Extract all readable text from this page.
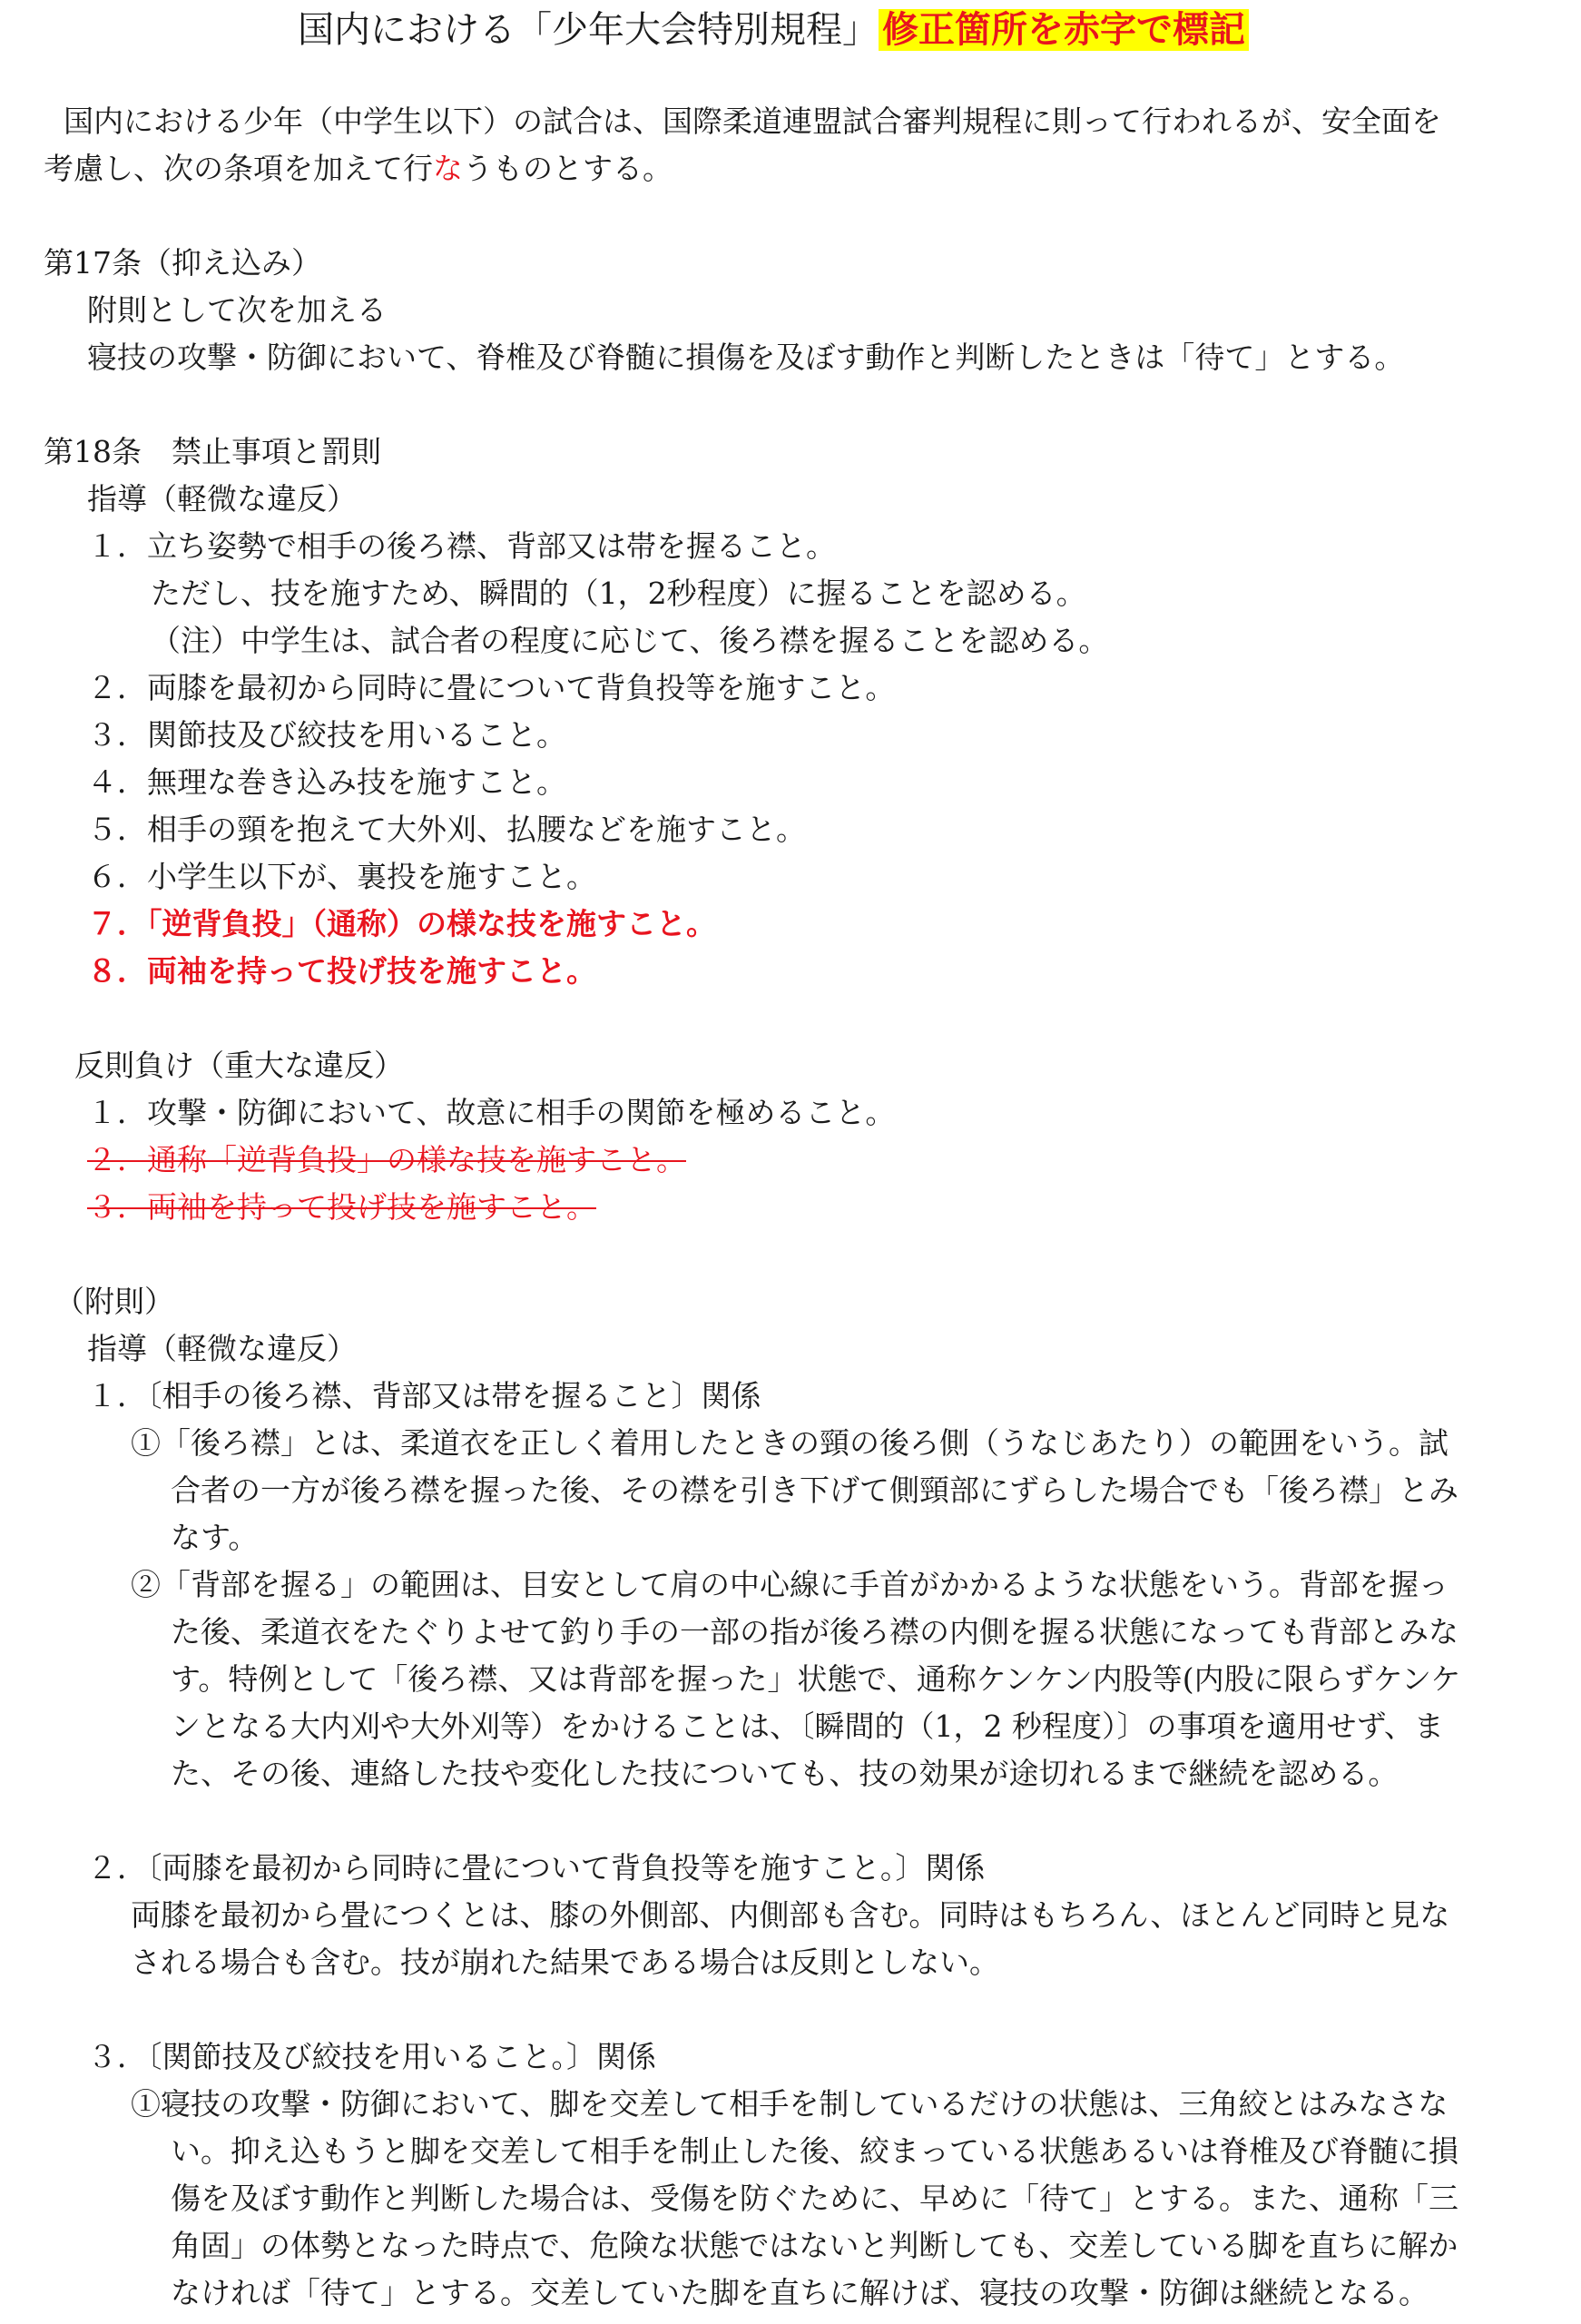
国内における「少年大会特別規程」 修正箇所を赤字で標記
国内における少年（中学生以下）の試合は、国際柔道連盟試合審判規程に則って行われるが、安全面を
考慮し、次の条項を加えて行なうものとする。
第17条（抑え込み）
附則として次を加える
寝技の攻撃・防御において、脊椎及び脊髄に損傷を及ぼす動作と判断したときは「待て」とする。
第18条　禁止事項と罰則
指導（軽微な違反）
１．立ち姿勢で相手の後ろ襟、背部又は帯を握ること。
ただし、技を施すため、瞬間的（1，2秒程度）に握ることを認める。
（注）中学生は、試合者の程度に応じて、後ろ襟を握ることを認める。
２．両膝を最初から同時に畳について背負投等を施すこと。
３．関節技及び絞技を用いること。
４．無理な巻き込み技を施すこと。
５．相手の頸を抱えて大外刈、払腰などを施すこと。
６．小学生以下が、裏投を施すこと。
７．「逆背負投」（通称）の様な技を施すこと。
８．両袖を持って投げ技を施すこと。
反則負け（重大な違反）
１．攻撃・防御において、故意に相手の関節を極めること。
２．通称「逆背負投」の様な技を施すこと。
３．両袖を持って投げ技を施すこと。
（附則）
指導（軽微な違反）
１．〔相手の後ろ襟、背部又は帯を握ること〕関係
①「後ろ襟」とは、柔道衣を正しく着用したときの頸の後ろ側（うなじあたり）の範囲をいう。試
合者の一方が後ろ襟を握った後、その襟を引き下げて側頸部にずらした場合でも「後ろ襟」とみ
なす。
②「背部を握る」の範囲は、目安として肩の中心線に手首がかかるような状態をいう。背部を握っ
た後、柔道衣をたぐりよせて釣り手の一部の指が後ろ襟の内側を握る状態になっても背部とみな
す。特例として「後ろ襟、又は背部を握った」状態で、通称ケンケン内股等(内股に限らずケンケ
ンとなる大内刈や大外刈等）をかけることは、〔瞬間的（1，2 秒程度）〕の事項を適用せず、ま
た、その後、連絡した技や変化した技についても、技の効果が途切れるまで継続を認める。
２．〔両膝を最初から同時に畳について背負投等を施すこと。〕関係
両膝を最初から畳につくとは、膝の外側部、内側部も含む。同時はもちろん、ほとんど同時と見な
される場合も含む。技が崩れた結果である場合は反則としない。
３．〔関節技及び絞技を用いること。〕関係
①寝技の攻撃・防御において、脚を交差して相手を制しているだけの状態は、三角絞とはみなさな
い。抑え込もうと脚を交差して相手を制止した後、絞まっている状態あるいは脊椎及び脊髄に損
傷を及ぼす動作と判断した場合は、受傷を防ぐために、早めに「待て」とする。また、通称「三
角固」の体勢となった時点で、危険な状態ではないと判断しても、交差している脚を直ちに解か
なければ「待て」とする。交差していた脚を直ちに解けば、寝技の攻撃・防御は継続となる。
